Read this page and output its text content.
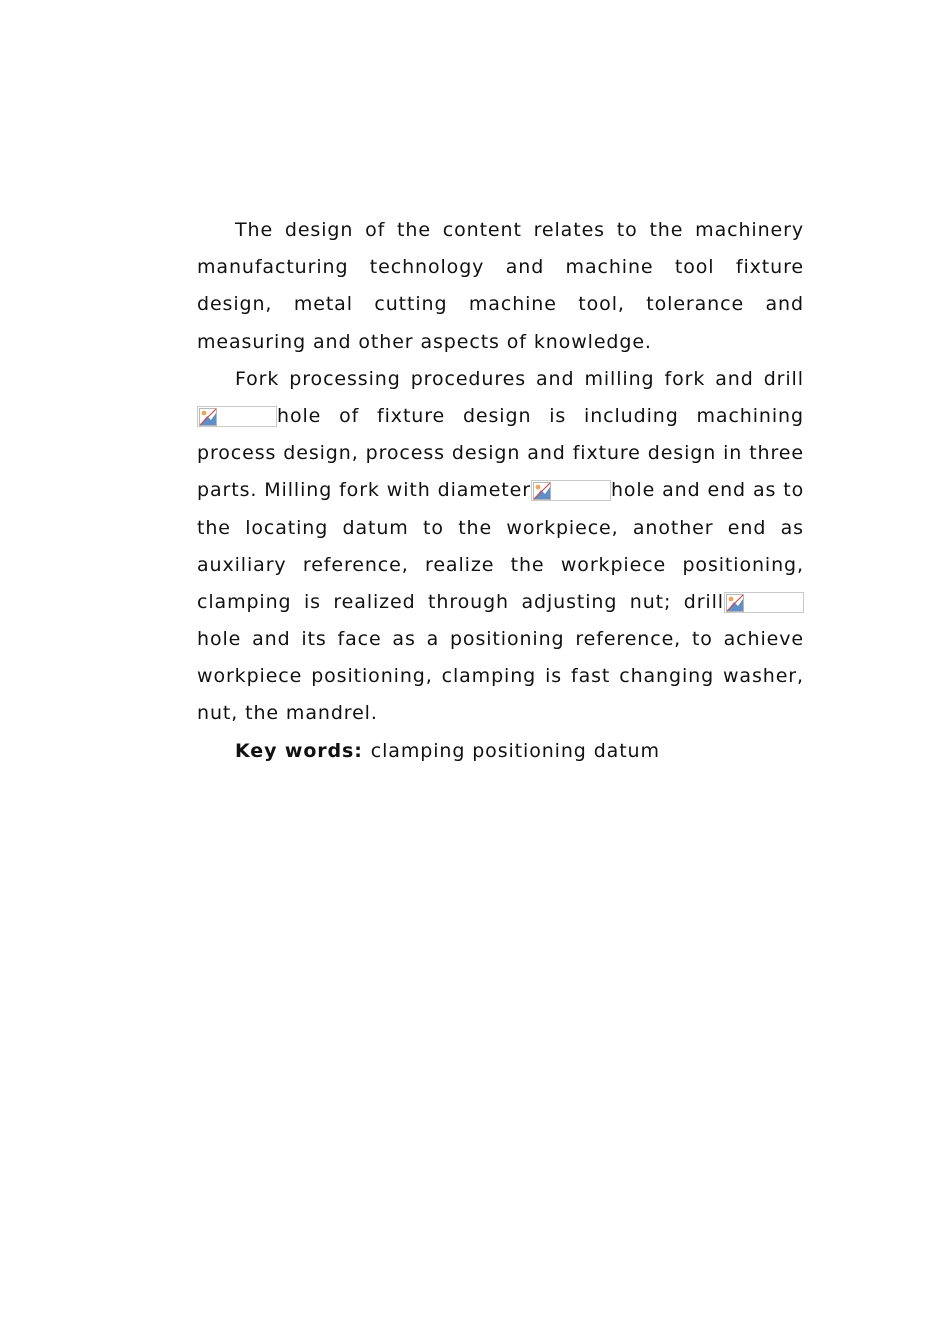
The design of the content relates to the machinery
manufacturing technology and machine tool fixture
design, metal cutting machine tool, tolerance and
measuring and other aspects of knowledge.
Fork processing procedures and milling fork and drill
hole of fixture design is including machining
process design, process design and fixture design in three
parts. Milling fork with diameter	hole and end as to
the locating datum to the workpiece, another end as
auxiliary reference, realize the workpiece positioning,
clamping is realized through adjusting nut; drill
hole and its face as a positioning reference, to achieve
workpiece positioning, clamping is fast changing washer,
nut, the mandrel.
Key words: clamping positioning datum
